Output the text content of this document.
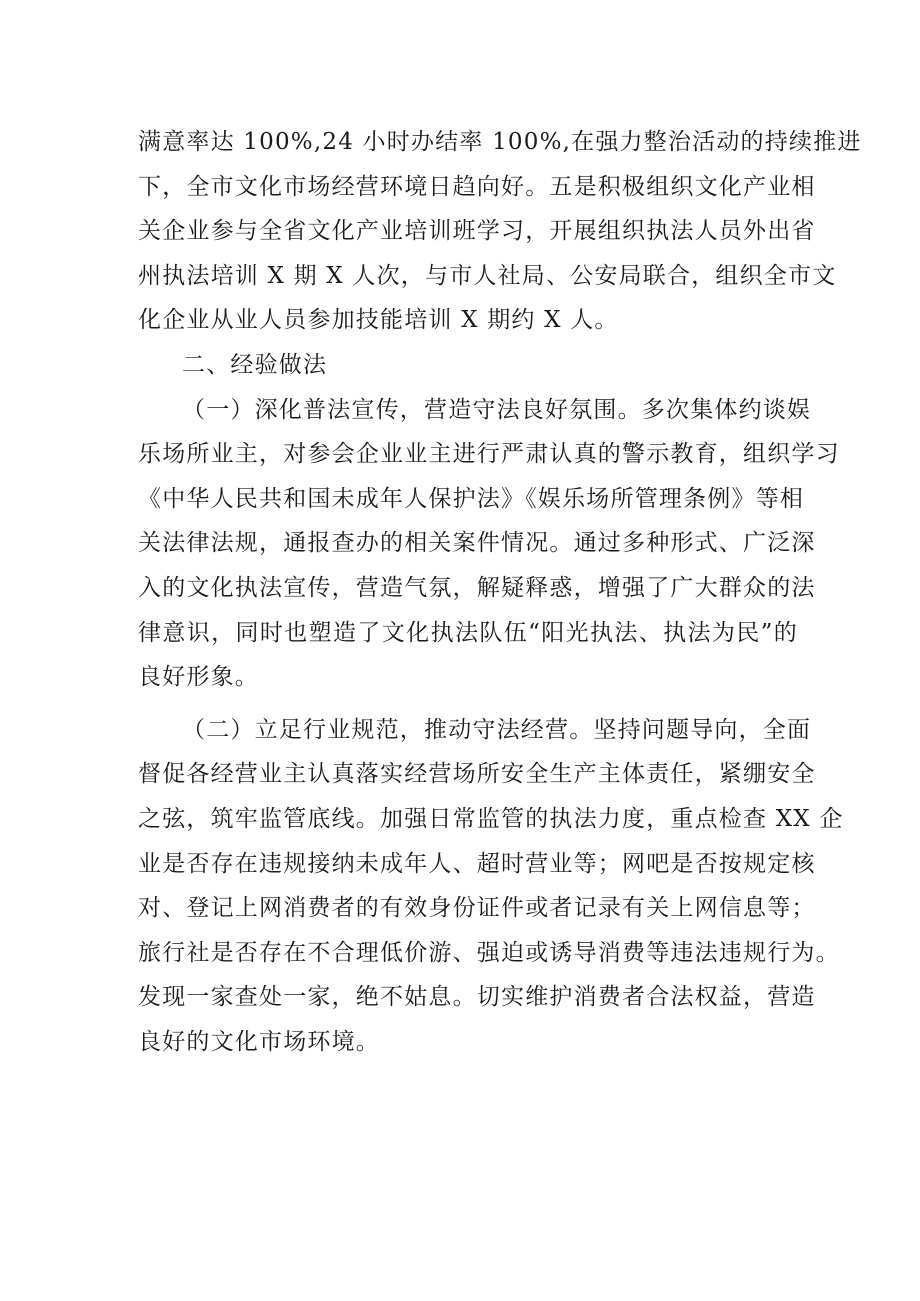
满意率达 100%,24 小时办结率 100%,在强力整治活动的持续推进
下，全市文化市场经营环境日趋向好。五是积极组织文化产业相
关企业参与全省文化产业培训班学习，开展组织执法人员外出省
州执法培训 X 期 X 人次，与市人社局、公安局联合，组织全市文
化企业从业人员参加技能培训 X 期约 X 人。
二、经验做法
（一）深化普法宣传，营造守法良好氛围。多次集体约谈娱
乐场所业主，对参会企业业主进行严肃认真的警示教育，组织学习
《中华人民共和国未成年人保护法》《娱乐场所管理条例》等相
关法律法规，通报查办的相关案件情况。通过多种形式、广泛深
入的文化执法宣传，营造气氛，解疑释惑，增强了广大群众的法
律意识，同时也塑造了文化执法队伍“阳光执法、执法为民”的
良好形象。
（二）立足行业规范，推动守法经营。坚持问题导向，全面
督促各经营业主认真落实经营场所安全生产主体责任，紧绷安全
之弦，筑牢监管底线。加强日常监管的执法力度，重点检查 XX 企
业是否存在违规接纳未成年人、超时营业等；网吧是否按规定核
对、登记上网消费者的有效身份证件或者记录有关上网信息等；
旅行社是否存在不合理低价游、强迫或诱导消费等违法违规行为。
发现一家查处一家，绝不姑息。切实维护消费者合法权益，营造
良好的文化市场环境。
